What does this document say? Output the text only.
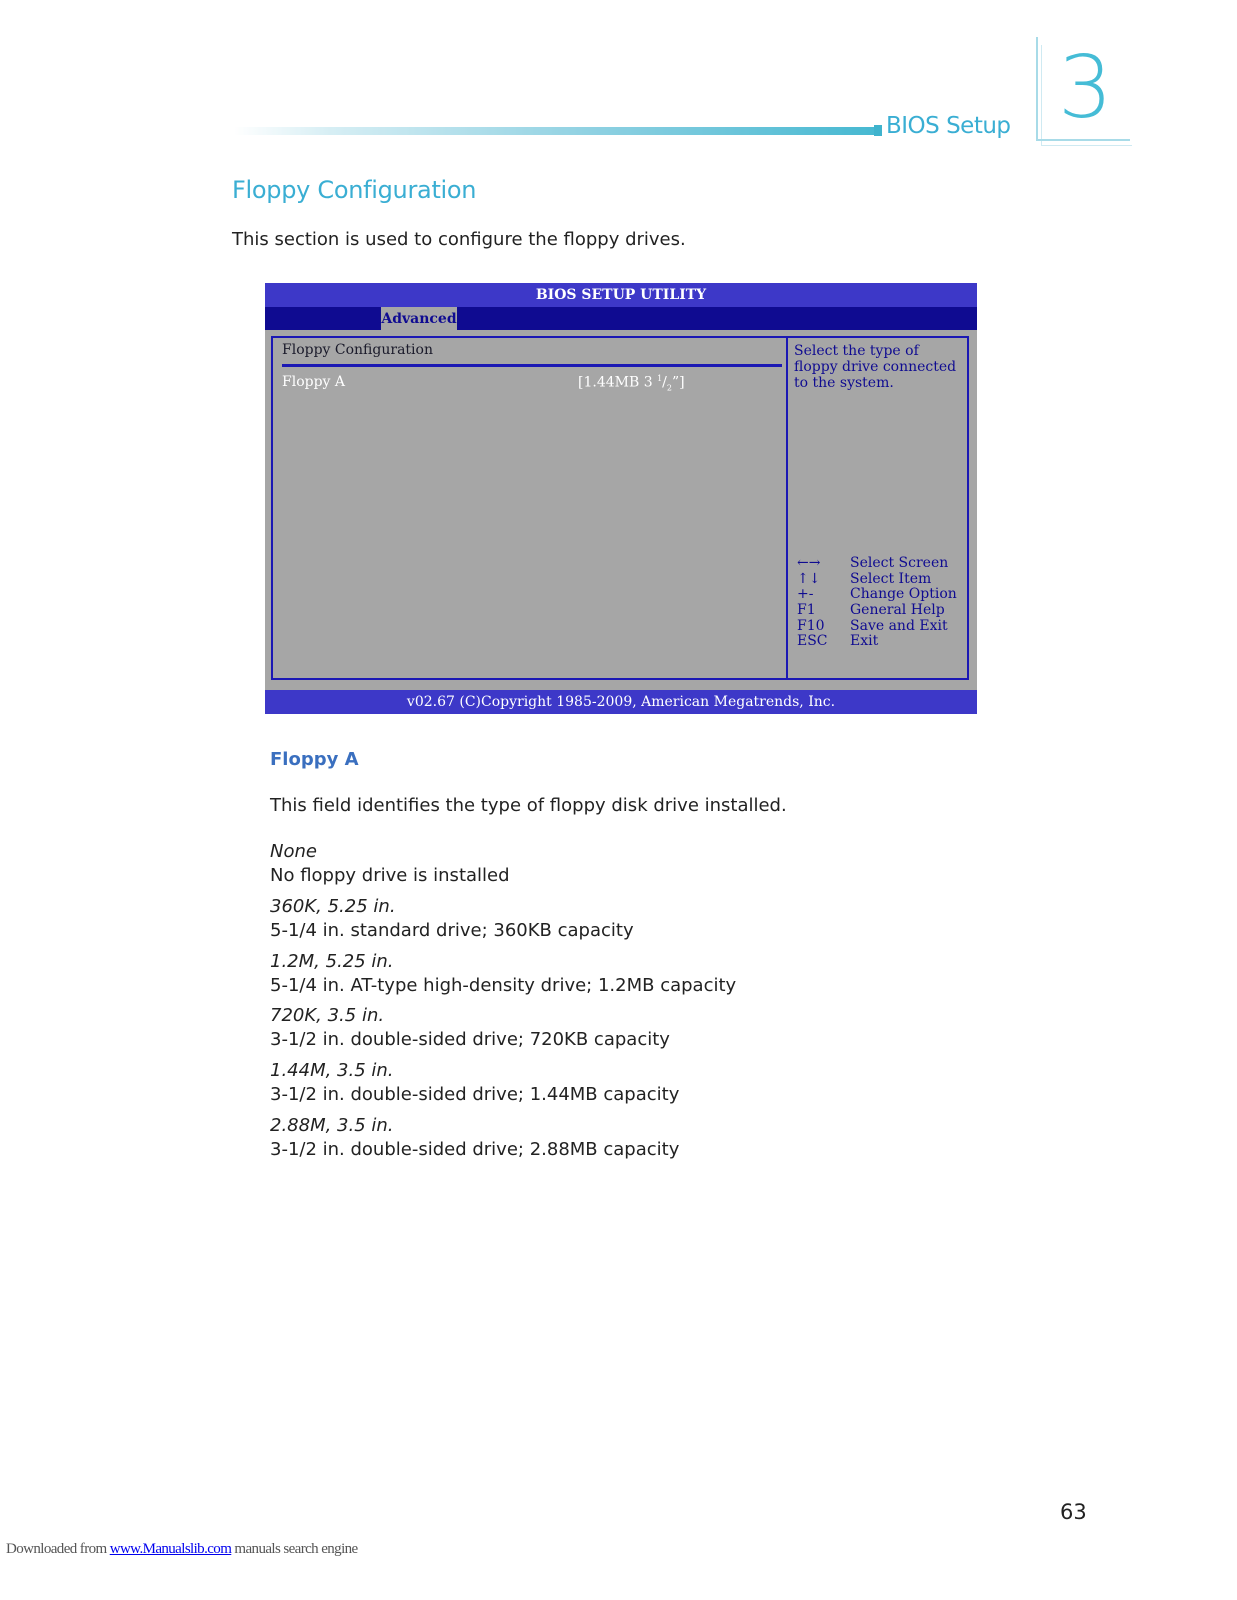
BIOS Setup 3
Floppy Configuration
This section is used to configure the floppy drives.
BIOS SETUP UTILITY
Advanced
Floppy Configuration
Floppy A	[1.44MB 3 $^1/_2$”]
Select the type of floppy drive connected to the system.
←→	Select Screen
↑↓	Select Item
+-	Change Option
F1	General Help
F10	Save and Exit
ESC	Exit
v02.67 (C)Copyright 1985-2009, American Megatrends, Inc.
Floppy A
This field identifies the type of floppy disk drive installed.
None
No floppy drive is installed
360K, 5.25 in.
5-1/4 in. standard drive; 360KB capacity
1.2M, 5.25 in.
5-1/4 in. AT-type high-density drive; 1.2MB capacity
720K, 3.5 in.
3-1/2 in. double-sided drive; 720KB capacity
1.44M, 3.5 in.
3-1/2 in. double-sided drive; 1.44MB capacity
2.88M, 3.5 in.
3-1/2 in. double-sided drive; 2.88MB capacity
63
Downloaded from www.Manualslib.com manuals search engine
